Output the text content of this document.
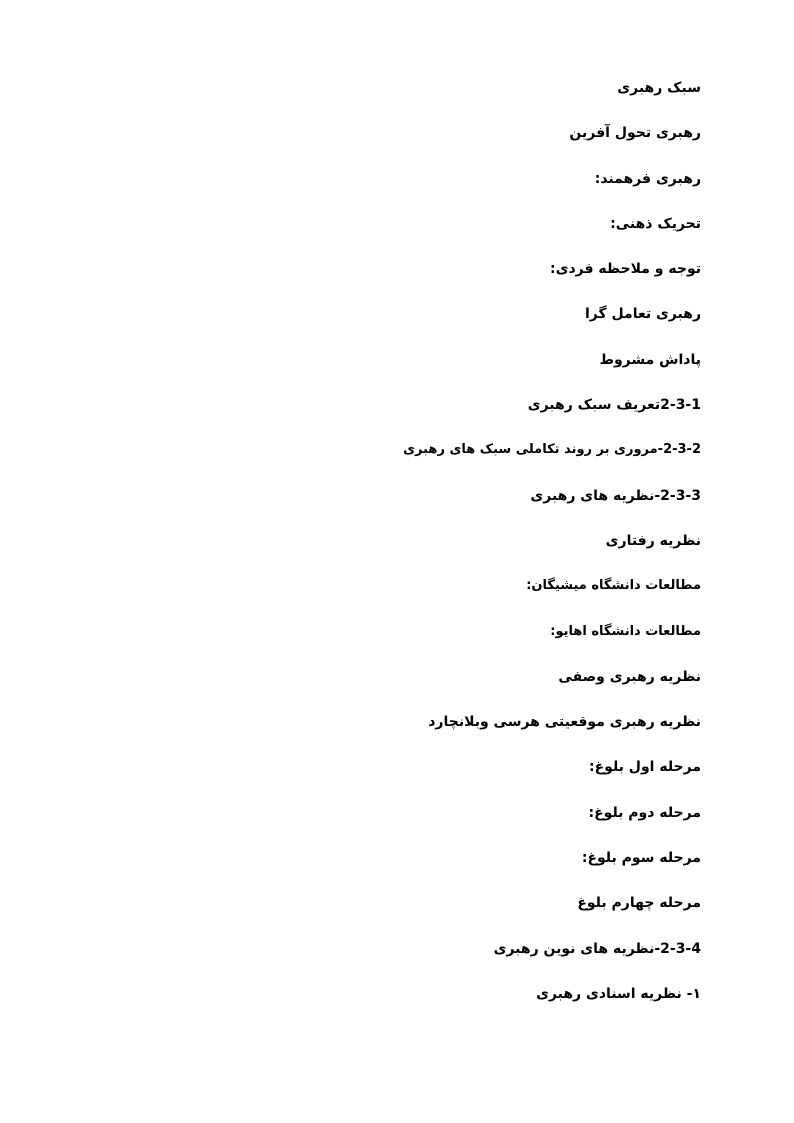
سبک رهبری
رهبری تحول آفرین
رهبری فرهمند:
تحریک ذهنی:
توجه و ملاحظه فردی:
رهبری تعامل گرا
پاداش مشروط
2-3-1تعریف سبک رهبری
2-3-2-مروری بر روند تکاملی سبک های رهبری
2-3-3-نظریه های رهبری
نظریه رفتاری
مطالعات دانشگاه میشیگان:
مطالعات دانشگاه اهایو:
نظریه رهبری وصفی
نظریه رهبری موقعیتی هرسی وبلانچارد
مرحله اول بلوغ:
مرحله دوم بلوغ:
مرحله سوم بلوغ:
مرحله چهارم بلوغ
2-3-4-نظریه های نوین رهبری
۱- نظریه اسنادی رهبری
